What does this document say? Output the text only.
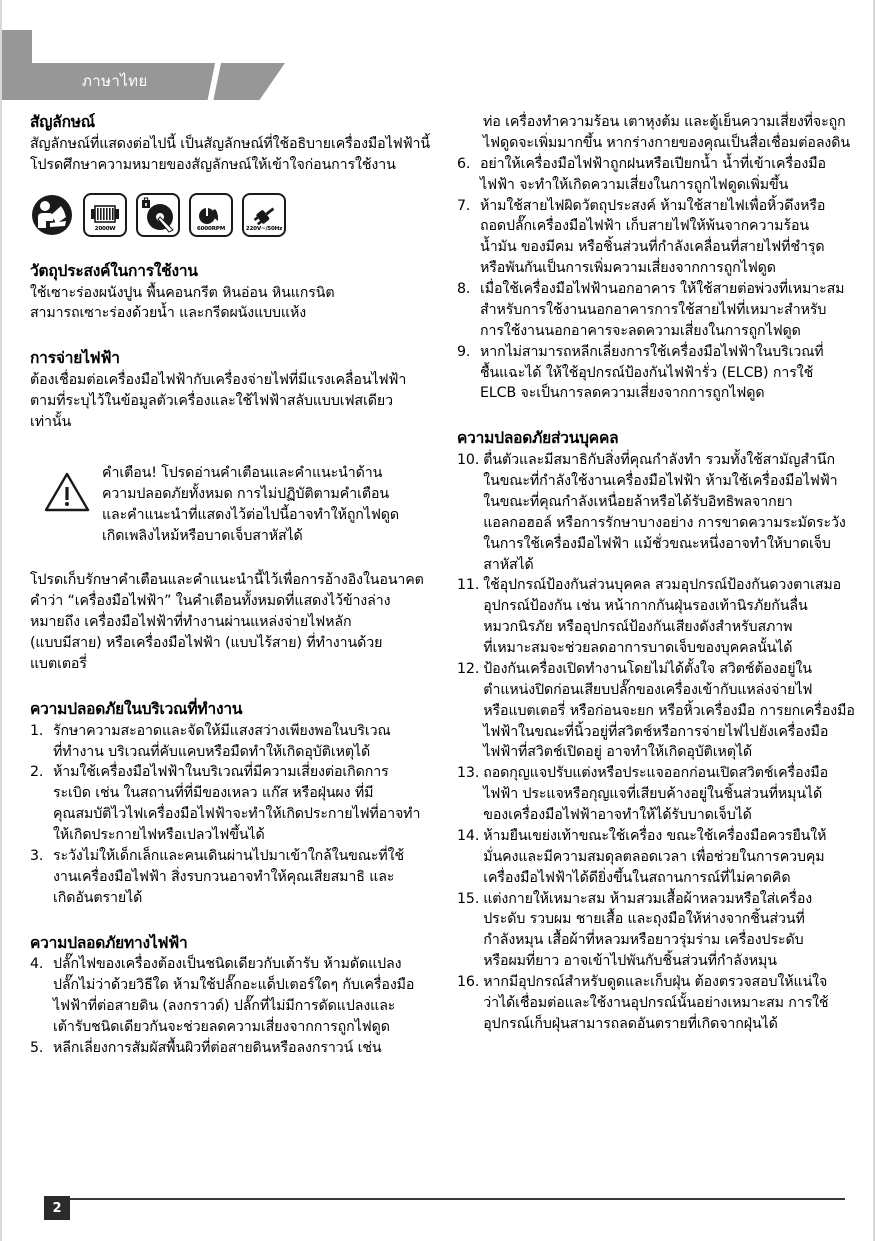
ภาษาไทย
สัญลักษณ์

สัญลักษณ์ที่แสดงต่อไปนี้ เป็นสัญลักษณ์ที่ใช้อธิบายเครื่องมือไฟฟ้านี้

โปรดศึกษาความหมายของสัญลักษณ์ให้เข้าใจก่อนการใช้งาน

2000W	6000RPM	220V~/50Hz
วัตถุประสงค์ในการใช้งาน

ใช้เซาะร่องผนังปูน พื้นคอนกรีต หินอ่อน หินแกรนิต

สามารถเซาะร่องด้วยน้ำ และกรีดผนังแบบแห้ง

การจ่ายไฟฟ้า

ต้องเชื่อมต่อเครื่องมือไฟฟ้ากับเครื่องจ่ายไฟที่มีแรงเคลื่อนไฟฟ้า

ตามที่ระบุไว้ในข้อมูลตัวเครื่องและใช้ไฟฟ้าสลับแบบเฟสเดียว

เท่านั้น

คำเตือน! โปรดอ่านคำเตือนและคำแนะนำด้าน
ความปลอดภัยทั้งหมด การไม่ปฏิบัติตามคำเตือน
และคำแนะนำที่แสดงไว้ต่อไปนี้อาจทำให้ถูกไฟดูด
เกิดเพลิงไหม้หรือบาดเจ็บสาหัสได้

โปรดเก็บรักษาคำเตือนและคำแนะนำนี้ไว้เพื่อการอ้างอิงในอนาคต

คำว่า “เครื่องมือไฟฟ้า” ในคำเตือนทั้งหมดที่แสดงไว้ข้างล่าง

หมายถึง เครื่องมือไฟฟ้าที่ทำงานผ่านแหล่งจ่ายไฟหลัก

(แบบมีสาย) หรือเครื่องมือไฟฟ้า (แบบไร้สาย) ที่ทำงานด้วย

แบตเตอรี่

ความปลอดภัยในบริเวณที่ทำงาน
1. รักษาความสะอาดและจัดให้มีแสงสว่างเพียงพอในบริเวณ
ที่ทำงาน บริเวณที่คับแคบหรือมืดทำให้เกิดอุบัติเหตุได้
2. ห้ามใช้เครื่องมือไฟฟ้าในบริเวณที่มีความเสี่ยงต่อเกิดการ
ระเบิด เช่น ในสถานที่ที่มีของเหลว แก๊ส หรือฝุ่นผง ที่มี
คุณสมบัติไวไฟเครื่องมือไฟฟ้าจะทำให้เกิดประกายไฟที่อาจทำ
ให้เกิดประกายไฟหรือเปลวไฟขึ้นได้
3. ระวังไม่ให้เด็กเล็กและคนเดินผ่านไปมาเข้าใกล้ในขณะที่ใช้
งานเครื่องมือไฟฟ้า สิ่งรบกวนอาจทำให้คุณเสียสมาธิ และ
เกิดอันตรายได้
ความปลอดภัยทางไฟฟ้า
4. ปลั๊กไฟของเครื่องต้องเป็นชนิดเดียวกับเต้ารับ ห้ามดัดแปลง
ปลั๊กไม่ว่าด้วยวิธีใด ห้ามใช้ปลั๊กอะแด็ปเตอร์ใดๆ กับเครื่องมือ
ไฟฟ้าที่ต่อสายดิน (ลงกราวด์) ปลั๊กที่ไม่มีการดัดแปลงและ
เต้ารับชนิดเดียวกันจะช่วยลดความเสี่ยงจากการถูกไฟดูด
5. หลีกเลี่ยงการสัมผัสพื้นผิวที่ต่อสายดินหรือลงกราวน์ เช่น

ท่อ เครื่องทำความร้อน เตาหุงต้ม และตู้เย็นความเสี่ยงที่จะถูก

ไฟดูดจะเพิ่มมากขึ้น หากร่างกายของคุณเป็นสื่อเชื่อมต่อลงดิน

6. อย่าให้เครื่องมือไฟฟ้าถูกฝนหรือเปียกน้ำ น้ำที่เข้าเครื่องมือ
ไฟฟ้า จะทำให้เกิดความเสี่ยงในการถูกไฟดูดเพิ่มขึ้น
7. ห้ามใช้สายไฟผิดวัตถุประสงค์ ห้ามใช้สายไฟเพื่อหิ้วดึงหรือ
ถอดปลั๊กเครื่องมือไฟฟ้า เก็บสายไฟให้พ้นจากความร้อน
น้ำมัน ของมีคม หรือชิ้นส่วนที่กำลังเคลื่อนที่สายไฟที่ชำรุด
หรือพันกันเป็นการเพิ่มความเสี่ยงจากการถูกไฟดูด
8. เมื่อใช้เครื่องมือไฟฟ้านอกอาคาร ให้ใช้สายต่อพ่วงที่เหมาะสม
สำหรับการใช้งานนอกอาคารการใช้สายไฟที่เหมาะสำหรับ
การใช้งานนอกอาคารจะลดความเสี่ยงในการถูกไฟดูด
9. หากไม่สามารถหลีกเลี่ยงการใช้เครื่องมือไฟฟ้าในบริเวณที่
ชื้นแฉะได้ ให้ใช้อุปกรณ์ป้องกันไฟฟ้ารั่ว (ELCB) การใช้
ELCB จะเป็นการลดความเสี่ยงจากการถูกไฟดูด
ความปลอดภัยส่วนบุคคล
10. ตื่นตัวและมีสมาธิกับสิ่งที่คุณกำลังทำ รวมทั้งใช้สามัญสำนึก
ในขณะที่กำลังใช้งานเครื่องมือไฟฟ้า ห้ามใช้เครื่องมือไฟฟ้า
ในขณะที่คุณกำลังเหนื่อยล้าหรือได้รับอิทธิพลจากยา
แอลกอฮอล์ หรือการรักษาบางอย่าง การขาดความระมัดระวัง
ในการใช้เครื่องมือไฟฟ้า แม้ชั่วขณะหนึ่งอาจทำให้บาดเจ็บ
สาหัสได้
11. ใช้อุปกรณ์ป้องกันส่วนบุคคล สวมอุปกรณ์ป้องกันดวงตาเสมอ
อุปกรณ์ป้องกัน เช่น หน้ากากกันฝุ่นรองเท้านิรภัยกันลื่น
หมวกนิรภัย หรืออุปกรณ์ป้องกันเสียงดังสำหรับสภาพ
ที่เหมาะสมจะช่วยลดอาการบาดเจ็บของบุคคลนั้นได้
12. ป้องกันเครื่องเปิดทำงานโดยไม่ได้ตั้งใจ สวิตช์ต้องอยู่ใน
ตำแหน่งปิดก่อนเสียบปลั๊กของเครื่องเข้ากับแหล่งจ่ายไฟ
หรือแบตเตอรี่ หรือก่อนจะยก หรือหิ้วเครื่องมือ การยกเครื่องมือ
ไฟฟ้าในขณะที่นิ้วอยู่ที่สวิตช์หรือการจ่ายไฟไปยังเครื่องมือ
ไฟฟ้าที่สวิตช์เปิดอยู่ อาจทำให้เกิดอุบัติเหตุได้
13. ถอดกุญแจปรับแต่งหรือประแจออกก่อนเปิดสวิตช์เครื่องมือ
ไฟฟ้า ประแจหรือกุญแจที่เสียบค้างอยู่ในชิ้นส่วนที่หมุนได้
ของเครื่องมือไฟฟ้าอาจทำให้ได้รับบาดเจ็บได้
14. ห้ามยืนเขย่งเท้าขณะใช้เครื่อง ขณะใช้เครื่องมือควรยืนให้
มั่นคงและมีความสมดุลตลอดเวลา เพื่อช่วยในการควบคุม
เครื่องมือไฟฟ้าได้ดียิ่งขึ้นในสถานการณ์ที่ไม่คาดคิด
15. แต่งกายให้เหมาะสม ห้ามสวมเสื้อผ้าหลวมหรือใส่เครื่อง
ประดับ รวบผม ชายเสื้อ และถุงมือให้ห่างจากชิ้นส่วนที่
กำลังหมุน เสื้อผ้าที่หลวมหรือยาวรุ่มร่าม เครื่องประดับ
หรือผมที่ยาว อาจเข้าไปพันกับชิ้นส่วนที่กำลังหมุน
16. หากมีอุปกรณ์สำหรับดูดและเก็บฝุ่น ต้องตรวจสอบให้แน่ใจ
ว่าได้เชื่อมต่อและใช้งานอุปกรณ์นั้นอย่างเหมาะสม การใช้
อุปกรณ์เก็บฝุ่นสามารถลดอันตรายที่เกิดจากฝุ่นได้
2
